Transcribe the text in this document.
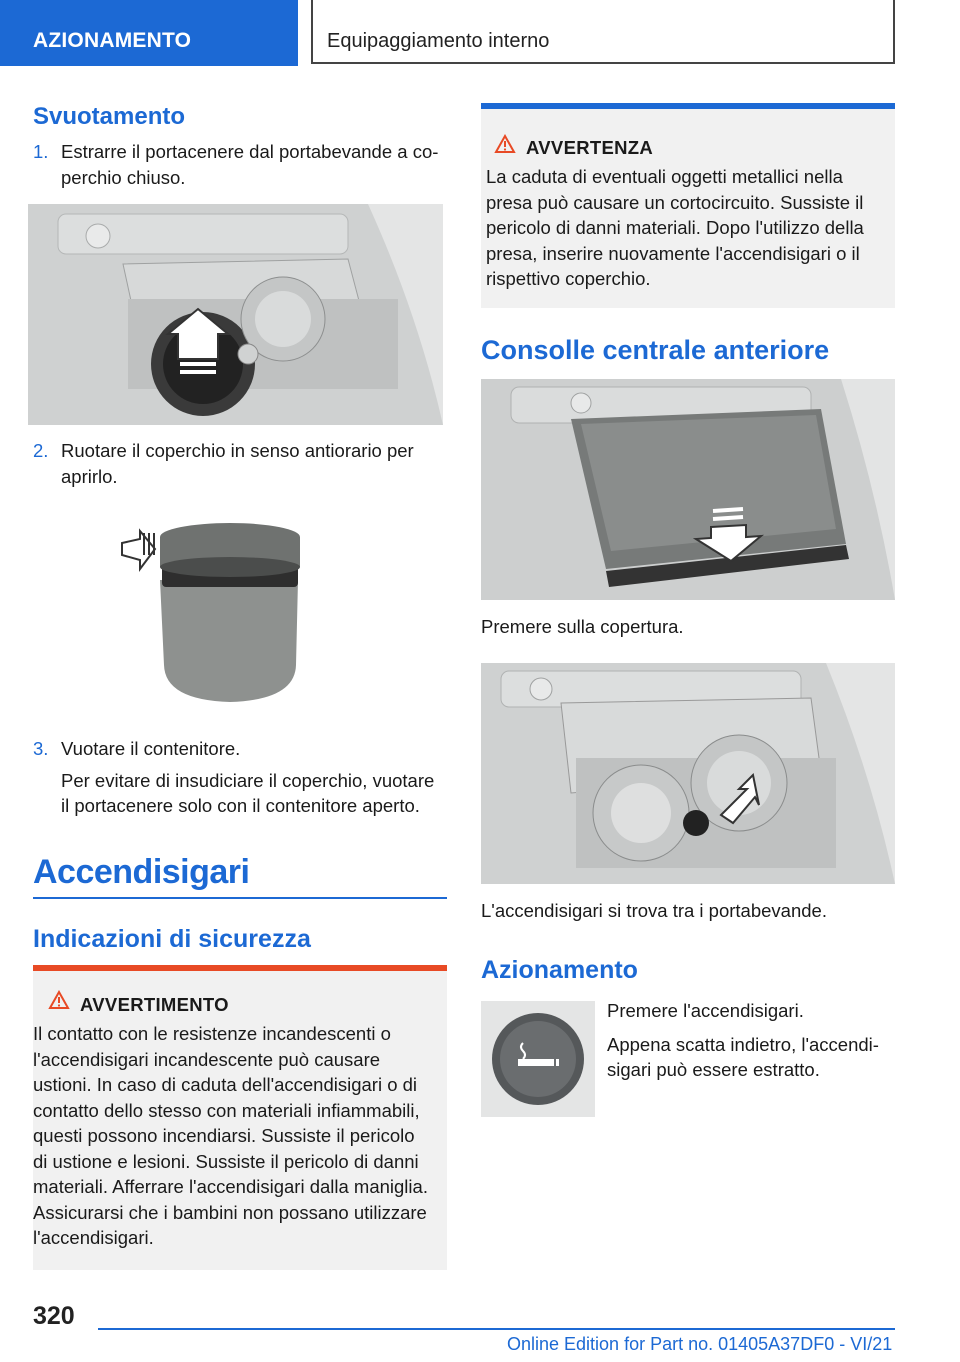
AZIONAMENTO	Equipaggiamento interno
Svuotamento
1. Estrarre il portacenere dal portabevande a co-
perchio chiuso.
2. Ruotare il coperchio in senso antiorario per
aprirlo.
3. Vuotare il contenitore.
Per evitare di insudiciare il coperchio, vuotare
il portacenere solo con il contenitore aperto.
Accendisigari
Indicazioni di sicurezza
AVVERTIMENTO
Il contatto con le resistenze incandescenti o
l'accendisigari incandescente può causare
ustioni. In caso di caduta dell'accendisigari o di
contatto dello stesso con materiali infiammabili,
questi possono incendiarsi. Sussiste il pericolo
di ustione e lesioni. Sussiste il pericolo di danni
materiali. Afferrare l'accendisigari dalla maniglia.
Assicurarsi che i bambini non possano utilizzare
l'accendisigari.
AVVERTENZA
La caduta di eventuali oggetti metallici nella
presa può causare un cortocircuito. Sussiste il
pericolo di danni materiali. Dopo l'utilizzo della
presa, inserire nuovamente l'accendisigari o il
rispettivo coperchio.
Consolle centrale anteriore
Premere sulla copertura.
L'accendisigari si trova tra i portabevande.
Azionamento
Premere l'accendisigari.
Appena scatta indietro, l'accendi-
sigari può essere estratto.
320
Online Edition for Part no. 01405A37DF0 - VI/21
